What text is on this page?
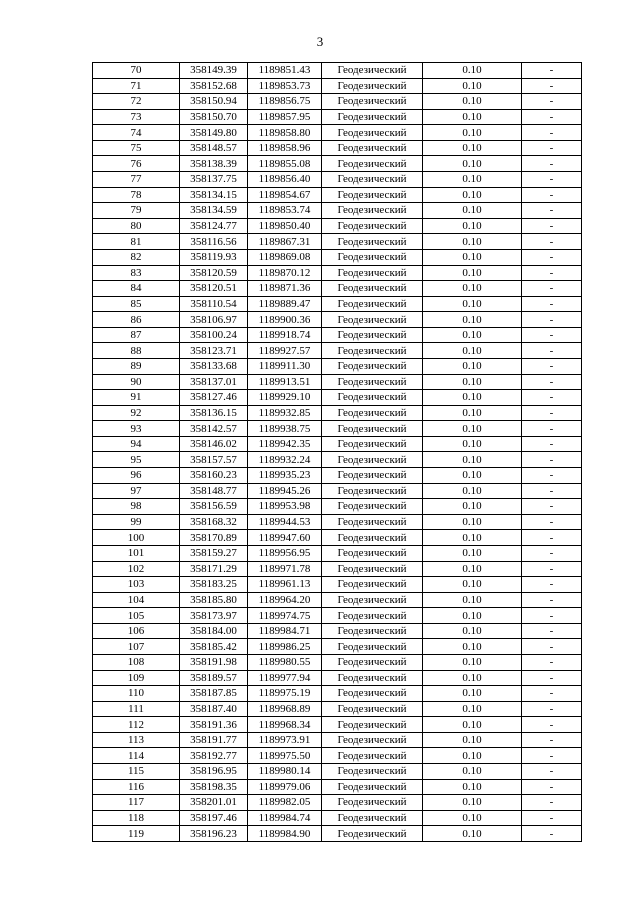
3
70	358149.39	1189851.43	Геодезический	0.10	-
71	358152.68	1189853.73	Геодезический	0.10	-
72	358150.94	1189856.75	Геодезический	0.10	-
73	358150.70	1189857.95	Геодезический	0.10	-
74	358149.80	1189858.80	Геодезический	0.10	-
75	358148.57	1189858.96	Геодезический	0.10	-
76	358138.39	1189855.08	Геодезический	0.10	-
77	358137.75	1189856.40	Геодезический	0.10	-
78	358134.15	1189854.67	Геодезический	0.10	-
79	358134.59	1189853.74	Геодезический	0.10	-
80	358124.77	1189850.40	Геодезический	0.10	-
81	358116.56	1189867.31	Геодезический	0.10	-
82	358119.93	1189869.08	Геодезический	0.10	-
83	358120.59	1189870.12	Геодезический	0.10	-
84	358120.51	1189871.36	Геодезический	0.10	-
85	358110.54	1189889.47	Геодезический	0.10	-
86	358106.97	1189900.36	Геодезический	0.10	-
87	358100.24	1189918.74	Геодезический	0.10	-
88	358123.71	1189927.57	Геодезический	0.10	-
89	358133.68	1189911.30	Геодезический	0.10	-
90	358137.01	1189913.51	Геодезический	0.10	-
91	358127.46	1189929.10	Геодезический	0.10	-
92	358136.15	1189932.85	Геодезический	0.10	-
93	358142.57	1189938.75	Геодезический	0.10	-
94	358146.02	1189942.35	Геодезический	0.10	-
95	358157.57	1189932.24	Геодезический	0.10	-
96	358160.23	1189935.23	Геодезический	0.10	-
97	358148.77	1189945.26	Геодезический	0.10	-
98	358156.59	1189953.98	Геодезический	0.10	-
99	358168.32	1189944.53	Геодезический	0.10	-
100	358170.89	1189947.60	Геодезический	0.10	-
101	358159.27	1189956.95	Геодезический	0.10	-
102	358171.29	1189971.78	Геодезический	0.10	-
103	358183.25	1189961.13	Геодезический	0.10	-
104	358185.80	1189964.20	Геодезический	0.10	-
105	358173.97	1189974.75	Геодезический	0.10	-
106	358184.00	1189984.71	Геодезический	0.10	-
107	358185.42	1189986.25	Геодезический	0.10	-
108	358191.98	1189980.55	Геодезический	0.10	-
109	358189.57	1189977.94	Геодезический	0.10	-
110	358187.85	1189975.19	Геодезический	0.10	-
111	358187.40	1189968.89	Геодезический	0.10	-
112	358191.36	1189968.34	Геодезический	0.10	-
113	358191.77	1189973.91	Геодезический	0.10	-
114	358192.77	1189975.50	Геодезический	0.10	-
115	358196.95	1189980.14	Геодезический	0.10	-
116	358198.35	1189979.06	Геодезический	0.10	-
117	358201.01	1189982.05	Геодезический	0.10	-
118	358197.46	1189984.74	Геодезический	0.10	-
119	358196.23	1189984.90	Геодезический	0.10	-
